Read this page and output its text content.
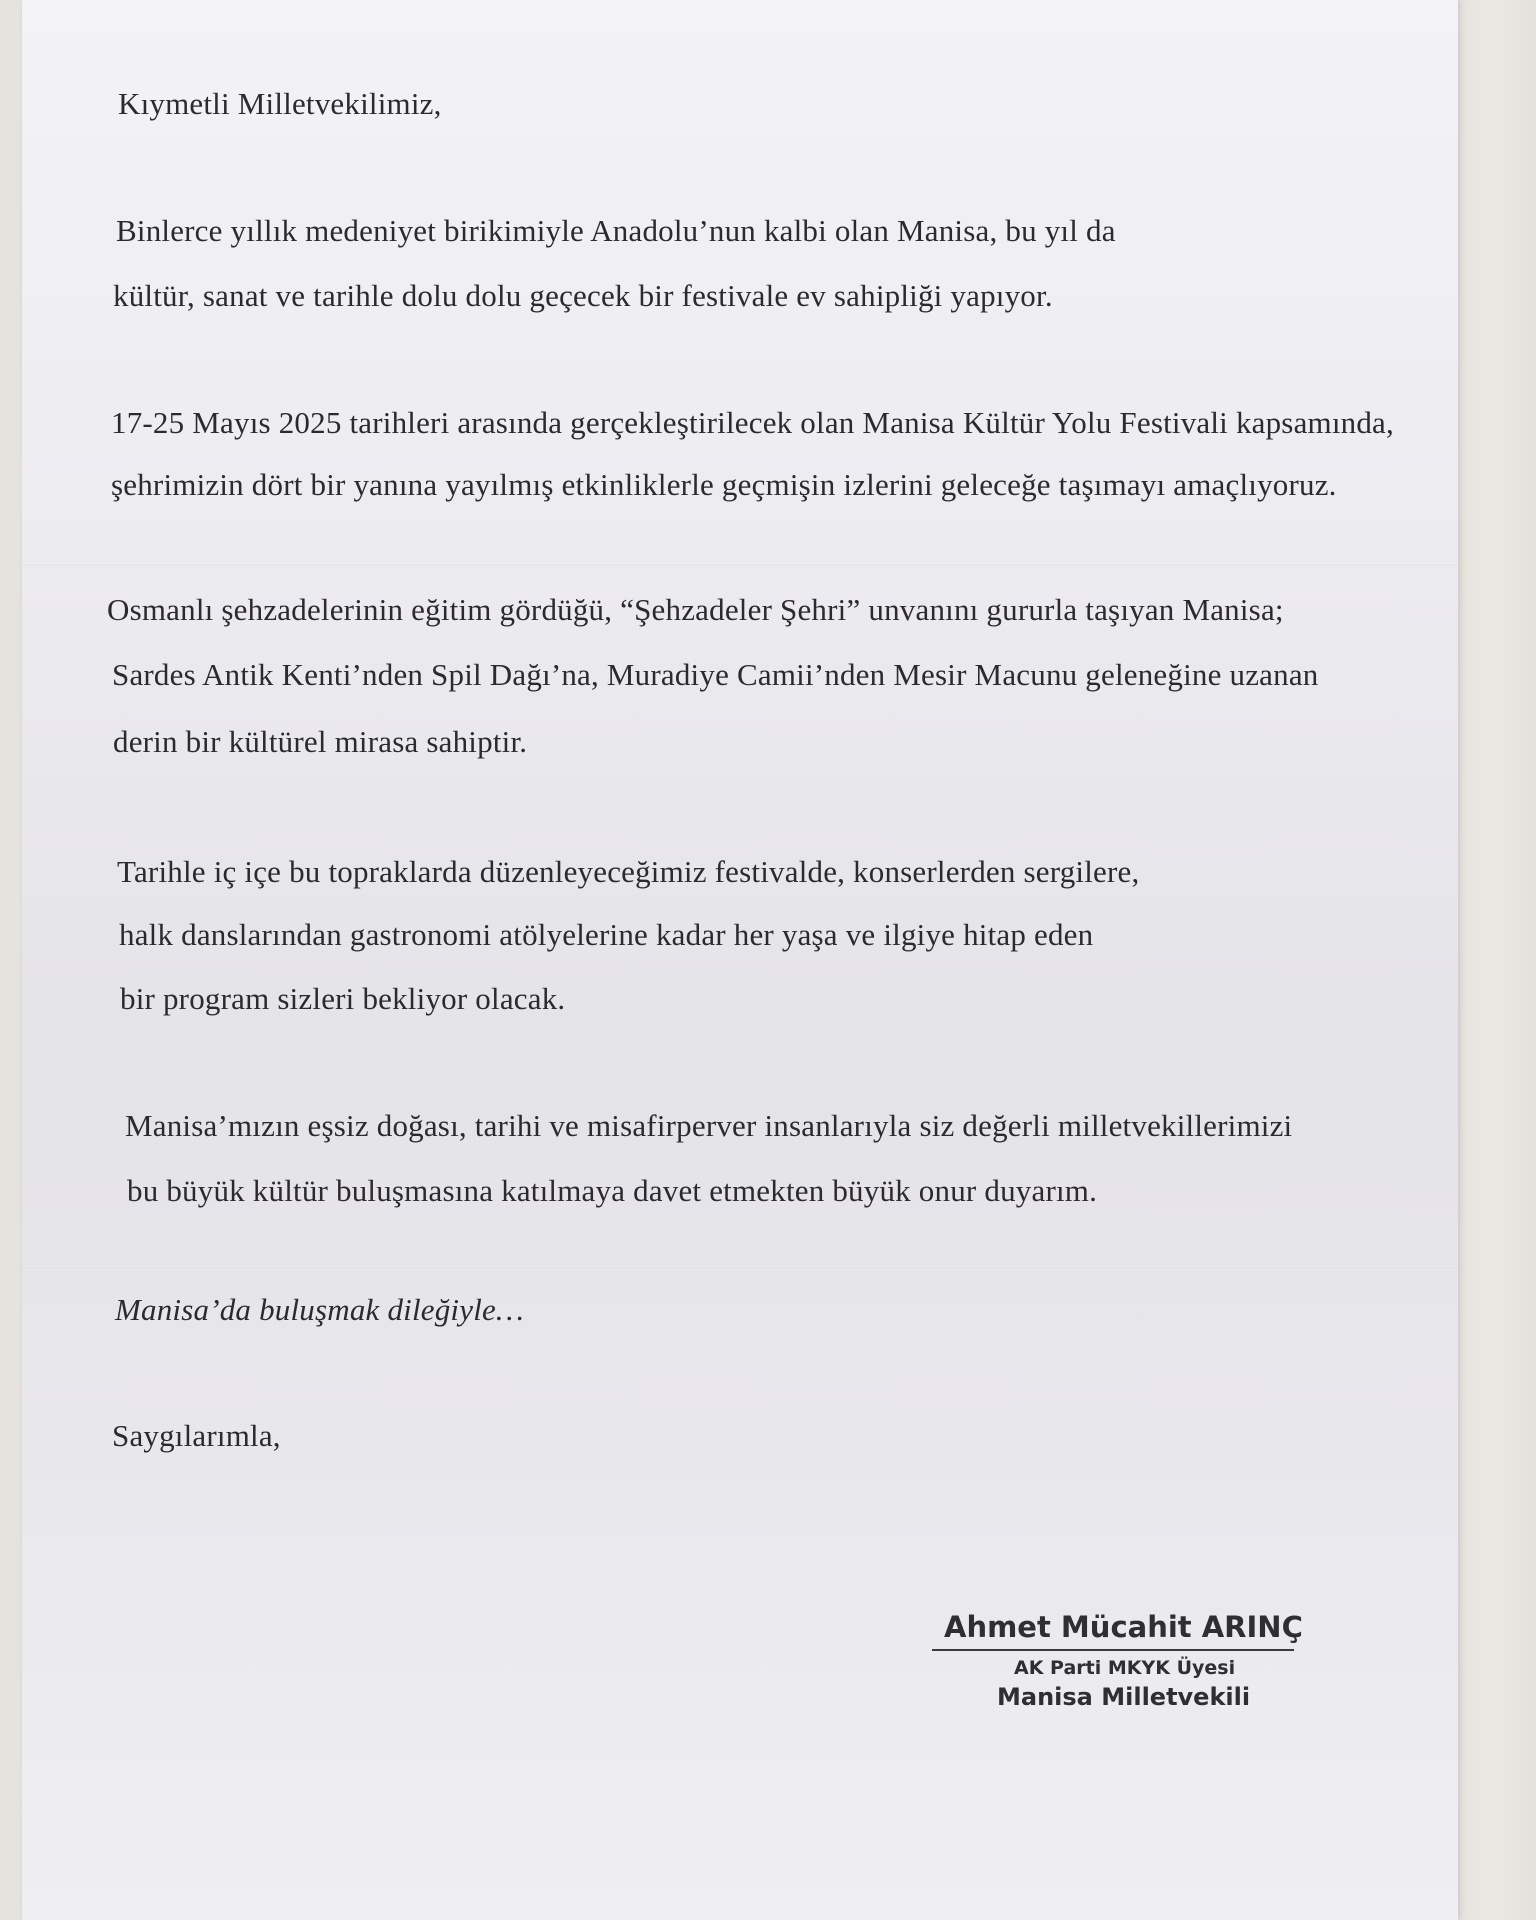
Kıymetli Milletvekilimiz,
Binlerce yıllık medeniyet birikimiyle Anadolu’nun kalbi olan Manisa, bu yıl da
kültür, sanat ve tarihle dolu dolu geçecek bir festivale ev sahipliği yapıyor.
17-25 Mayıs 2025 tarihleri arasında gerçekleştirilecek olan Manisa Kültür Yolu Festivali kapsamında,
şehrimizin dört bir yanına yayılmış etkinliklerle geçmişin izlerini geleceğe taşımayı amaçlıyoruz.
Osmanlı şehzadelerinin eğitim gördüğü, “Şehzadeler Şehri” unvanını gururla taşıyan Manisa;
Sardes Antik Kenti’nden Spil Dağı’na, Muradiye Camii’nden Mesir Macunu geleneğine uzanan
derin bir kültürel mirasa sahiptir.
Tarihle iç içe bu topraklarda düzenleyeceğimiz festivalde, konserlerden sergilere,
halk danslarından gastronomi atölyelerine kadar her yaşa ve ilgiye hitap eden
bir program sizleri bekliyor olacak.
Manisa’mızın eşsiz doğası, tarihi ve misafirperver insanlarıyla siz değerli milletvekillerimizi
bu büyük kültür buluşmasına katılmaya davet etmekten büyük onur duyarım.
Manisa’da buluşmak dileğiyle…
Saygılarımla,
Ahmet Mücahit ARINÇ
AK Parti MKYK Üyesi
Manisa Milletvekili
